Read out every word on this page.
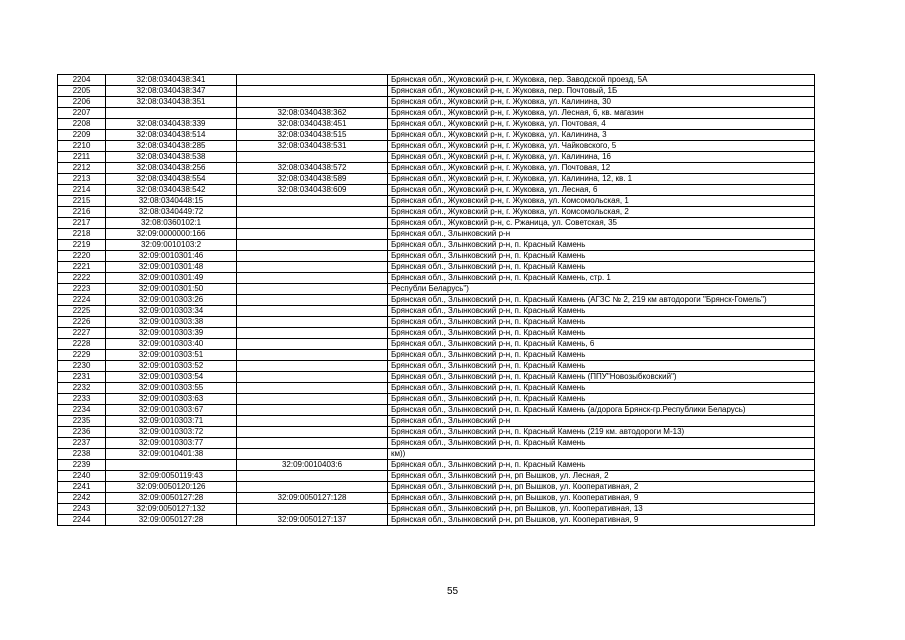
2204	32:08:0340438:341		Брянская обл., Жуковский р-н, г. Жуковка, пер. Заводской проезд, 5А
2205	32:08:0340438:347		Брянская обл., Жуковский р-н, г. Жуковка, пер. Почтовый, 1Б
2206	32:08:0340438:351		Брянская обл., Жуковский р-н, г. Жуковка, ул. Калинина, 30
2207		32:08:0340438:362	Брянская обл., Жуковский р-н, г. Жуковка, ул. Лесная, 6, кв. магазин
2208	32:08:0340438:339	32:08:0340438:451	Брянская обл., Жуковский р-н, г. Жуковка, ул. Почтовая, 4
2209	32:08:0340438:514	32:08:0340438:515	Брянская обл., Жуковский р-н, г. Жуковка, ул. Калинина, 3
2210	32:08:0340438:285	32:08:0340438:531	Брянская обл., Жуковский р-н, г. Жуковка, ул. Чайковского, 5
2211	32:08:0340438:538		Брянская обл., Жуковский р-н, г. Жуковка, ул. Калинина, 16
2212	32:08:0340438:256	32:08:0340438:572	Брянская обл., Жуковский р-н, г. Жуковка, ул. Почтовая, 12
2213	32:08:0340438:554	32:08:0340438:589	Брянская обл., Жуковский р-н, г. Жуковка, ул. Калинина, 12, кв. 1
2214	32:08:0340438:542	32:08:0340438:609	Брянская обл., Жуковский р-н, г. Жуковка, ул. Лесная, 6
2215	32:08:0340448:15		Брянская обл., Жуковский р-н, г. Жуковка, ул. Комсомольская, 1
2216	32:08:0340449:72		Брянская обл., Жуковский р-н, г. Жуковка, ул. Комсомольская, 2
2217	32:08:0360102:1		Брянская обл., Жуковский р-н, с. Ржаница, ул. Советская, 35
2218	32:09:0000000:166		Брянская обл., Злынковский р-н
2219	32:09:0010103:2		Брянская обл., Злынковский р-н, п. Красный Камень
2220	32:09:0010301:46		Брянская обл., Злынковский р-н, п. Красный Камень
2221	32:09:0010301:48		Брянская обл., Злынковский р-н, п. Красный Камень
2222	32:09:0010301:49		Брянская обл., Злынковский р-н, п. Красный Камень, стр. 1
2223	32:09:0010301:50		Республи Беларусь")
2224	32:09:0010303:26		Брянская обл., Злынковский р-н, п. Красный Камень (АГЗС № 2, 219 км автодороги "Брянск-Гомель")
2225	32:09:0010303:34		Брянская обл., Злынковский р-н, п. Красный Камень
2226	32:09:0010303:38		Брянская обл., Злынковский р-н, п. Красный Камень
2227	32:09:0010303:39		Брянская обл., Злынковский р-н, п. Красный Камень
2228	32:09:0010303:40		Брянская обл., Злынковский р-н, п. Красный Камень, 6
2229	32:09:0010303:51		Брянская обл., Злынковский р-н, п. Красный Камень
2230	32:09:0010303:52		Брянская обл., Злынковский р-н, п. Красный Камень
2231	32:09:0010303:54		Брянская обл., Злынковский р-н, п. Красный Камень (ППУ"Новозыбковский")
2232	32:09:0010303:55		Брянская обл., Злынковский р-н, п. Красный Камень
2233	32:09:0010303:63		Брянская обл., Злынковский р-н, п. Красный Камень
2234	32:09:0010303:67		Брянская обл., Злынковский р-н, п. Красный Камень (а/дорога Брянск-гр.Республики Беларусь)
2235	32:09:0010303:71		Брянская обл., Злынковский р-н
2236	32:09:0010303:72		Брянская обл., Злынковский р-н, п. Красный Камень (219 км. автодороги М-13)
2237	32:09:0010303:77		Брянская обл., Злынковский р-н, п. Красный Камень
2238	32:09:0010401:38		км))
2239		32:09:0010403:6	Брянская обл., Злынковский р-н, п. Красный Камень
2240	32:09:0050119:43		Брянская обл., Злынковский р-н, рп Вышков, ул. Лесная, 2
2241	32:09:0050120:126		Брянская обл., Злынковский р-н, рп Вышков, ул. Кооперативная, 2
2242	32:09:0050127:28	32:09:0050127:128	Брянская обл., Злынковский р-н, рп Вышков, ул. Кооперативная, 9
2243	32:09:0050127:132		Брянская обл., Злынковский р-н, рп Вышков, ул. Кооперативная, 13
2244	32:09:0050127:28	32:09:0050127:137	Брянская обл., Злынковский р-н, рп Вышков, ул. Кооперативная, 9
55
